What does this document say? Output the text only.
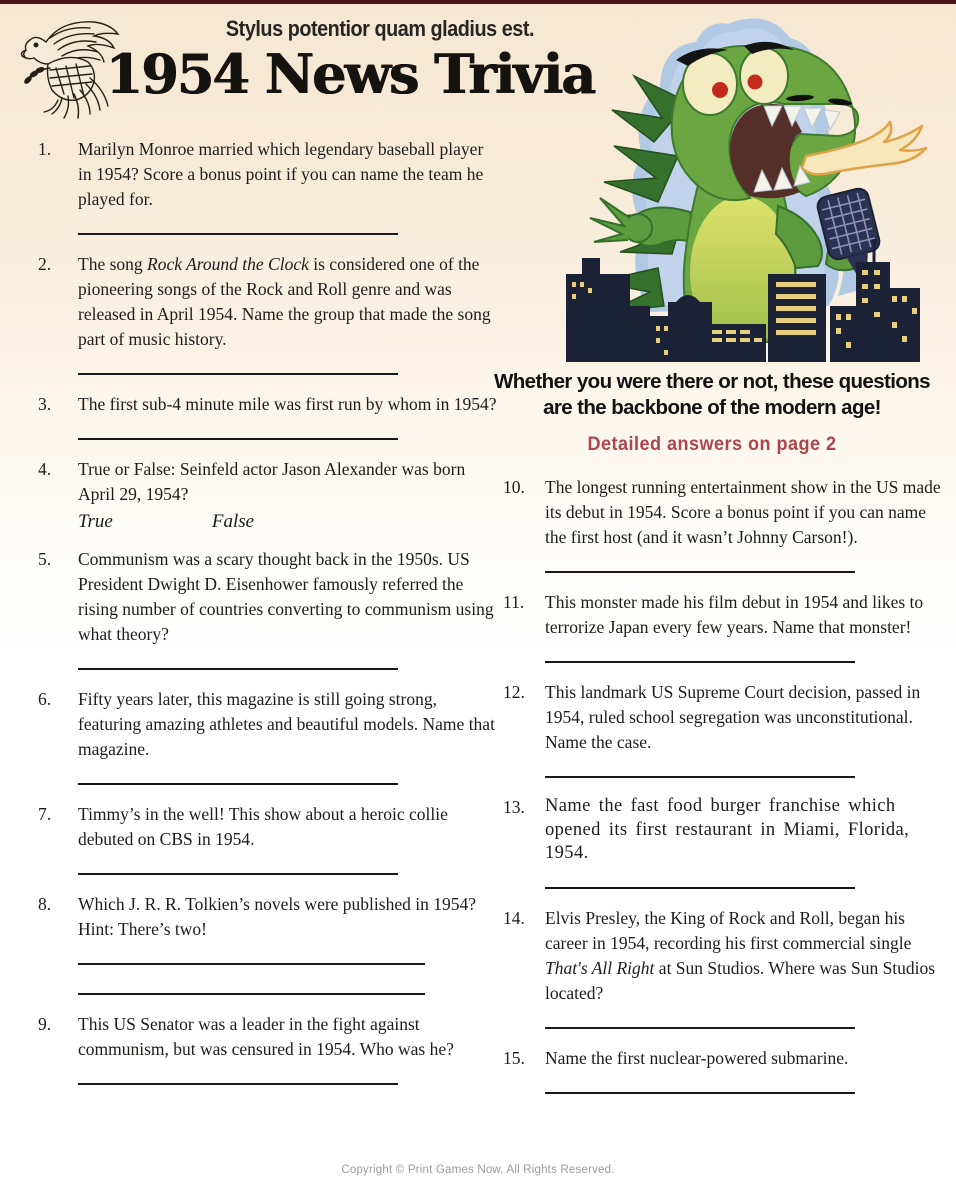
Stylus potentior quam gladius est.
1954 News Trivia
Whether you were there or not, these questions
are the backbone of the modern age!
Detailed answers on page 2
1.	Marilyn Monroe married which legendary baseball player in 1954? Score a bonus point if you can name the team he played for.
2.	The song Rock Around the Clock is considered one of the pioneering songs of the Rock and Roll genre and was released in April 1954. Name the group that made the song part of music history.
3.	The first sub-4 minute mile was first run by whom in 1954?
4.	True or False: Seinfeld actor Jason Alexander was born April 29, 1954?
True	False
5.	Communism was a scary thought back in the 1950s. US President Dwight D. Eisenhower famously referred the rising number of countries converting to communism using what theory?
6.	Fifty years later, this magazine is still going strong, featuring amazing athletes and beautiful models. Name that magazine.
7.	Timmy’s in the well! This show about a heroic collie debuted on CBS in 1954.
8.	Which J. R. R. Tolkien’s novels were published in 1954? Hint: There’s two!
9.	This US Senator was a leader in the fight against communism, but was censured in 1954. Who was he?
10.	The longest running entertainment show in the US made its debut in 1954. Score a bonus point if you can name the first host (and it wasn’t Johnny Carson!).
11.	This monster made his film debut in 1954 and likes to terrorize Japan every few years. Name that monster!
12.	This landmark US Supreme Court decision, passed in 1954, ruled school segregation was unconstitutional. Name the case.
13.	Name the fast food burger franchise which opened its first restaurant in Miami, Florida, 1954.
14.	Elvis Presley, the King of Rock and Roll, began his career in 1954, recording his first commercial single That's All Right at Sun Studios. Where was Sun Studios located?
15.	Name the first nuclear-powered submarine.
Copyright © Print Games Now. All Rights Reserved.
